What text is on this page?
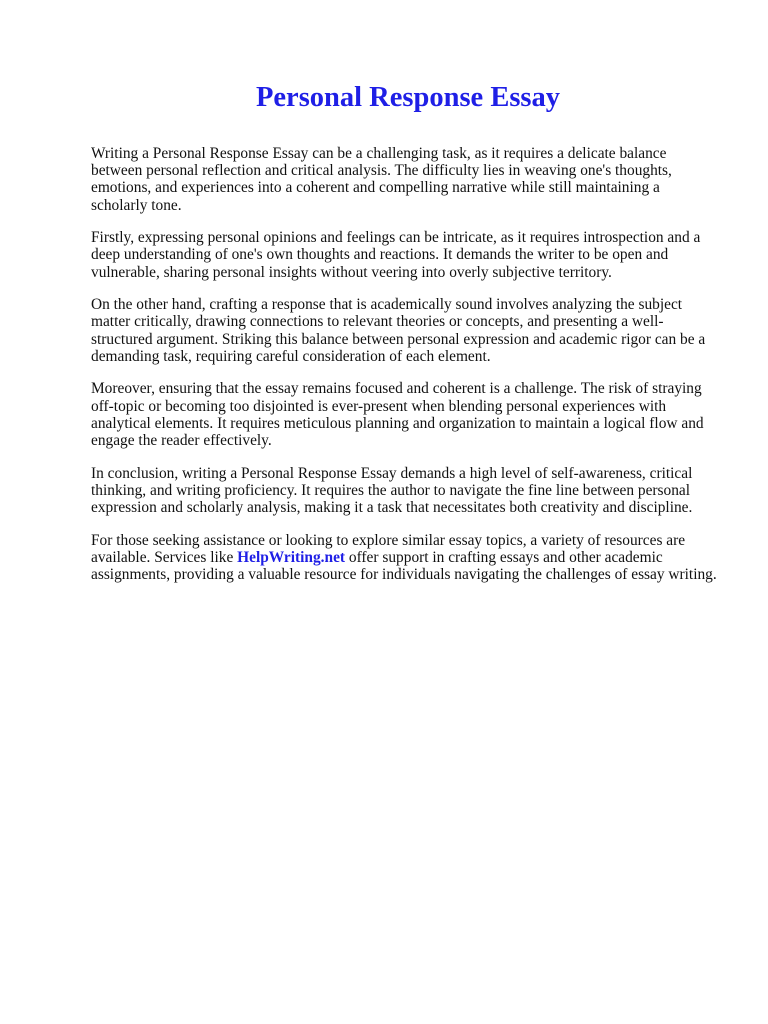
Personal Response Essay

Writing a Personal Response Essay can be a challenging task, as it requires a delicate balance
between personal reflection and critical analysis. The difficulty lies in weaving one's thoughts,
emotions, and experiences into a coherent and compelling narrative while still maintaining a
scholarly tone.

Firstly, expressing personal opinions and feelings can be intricate, as it requires introspection and a
deep understanding of one's own thoughts and reactions. It demands the writer to be open and
vulnerable, sharing personal insights without veering into overly subjective territory.

On the other hand, crafting a response that is academically sound involves analyzing the subject
matter critically, drawing connections to relevant theories or concepts, and presenting a well-
structured argument. Striking this balance between personal expression and academic rigor can be a
demanding task, requiring careful consideration of each element.

Moreover, ensuring that the essay remains focused and coherent is a challenge. The risk of straying
off-topic or becoming too disjointed is ever-present when blending personal experiences with
analytical elements. It requires meticulous planning and organization to maintain a logical flow and
engage the reader effectively.

In conclusion, writing a Personal Response Essay demands a high level of self-awareness, critical
thinking, and writing proficiency. It requires the author to navigate the fine line between personal
expression and scholarly analysis, making it a task that necessitates both creativity and discipline.

For those seeking assistance or looking to explore similar essay topics, a variety of resources are
available. Services like HelpWriting.net offer support in crafting essays and other academic
assignments, providing a valuable resource for individuals navigating the challenges of essay writing.
